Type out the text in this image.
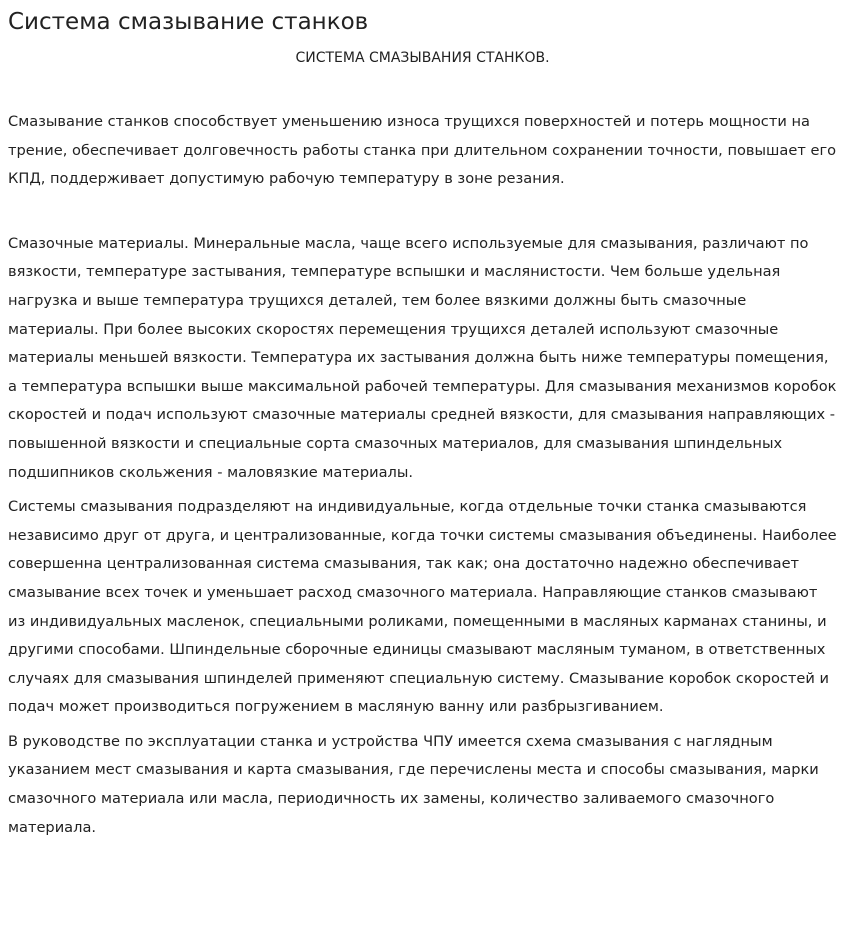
Система смазывание станков
СИСТЕМА СМАЗЫВАНИЯ СТАНКОВ.

Смазывание станков способствует уменьшению износа трущихся поверхностей и потерь мощности на трение, обеспечивает долговечность работы станка при длительном сохранении точности, повышает его КПД, поддерживает допустимую рабочую температуру в зоне резания.

Смазочные материалы. Минеральные масла, чаще всего используемые для смазывания, различают по вязкости, температуре застывания, температуре вспышки и маслянистости. Чем больше удельная нагрузка и выше температура трущихся деталей, тем более вязкими должны быть смазочные материалы. При более высоких скоростях перемещения трущихся деталей используют смазочные материалы меньшей вязкости. Температура их застывания должна быть ниже температуры помещения, а температура вспышки выше максимальной рабочей температуры. Для смазывания механизмов коробок скоростей и подач используют смазочные материалы средней вязкости, для смазывания направляющих - повышенной вязкости и специальные сорта смазочных материалов, для смазывания шпиндельных подшипников скольжения - маловязкие материалы.

Системы смазывания подразделяют на индивидуальные, когда отдельные точки станка смазываются независимо друг от друга, и централизованные, когда точки системы смазывания объединены. Наиболее совершенна централизованная система смазывания, так как; она достаточно надежно обеспечивает смазывание всех точек и уменьшает расход смазочного материала. Направляющие станков смазывают из индивидуальных масленок, специальными роликами, помещенными в масляных карманах станины, и другими способами. Шпиндельные сборочные единицы смазывают масляным туманом, в ответственных случаях для смазывания шпинделей применяют специальную систему. Смазывание коробок скоростей и подач может производиться погружением в масляную ванну или разбрызгиванием.

В руководстве по эксплуатации станка и устройства ЧПУ имеется схема смазывания с наглядным указанием мест смазывания и карта смазывания, где перечислены места и способы смазывания, марки смазочного материала или масла, периодичность их замены, количество заливаемого смазочного материала.
